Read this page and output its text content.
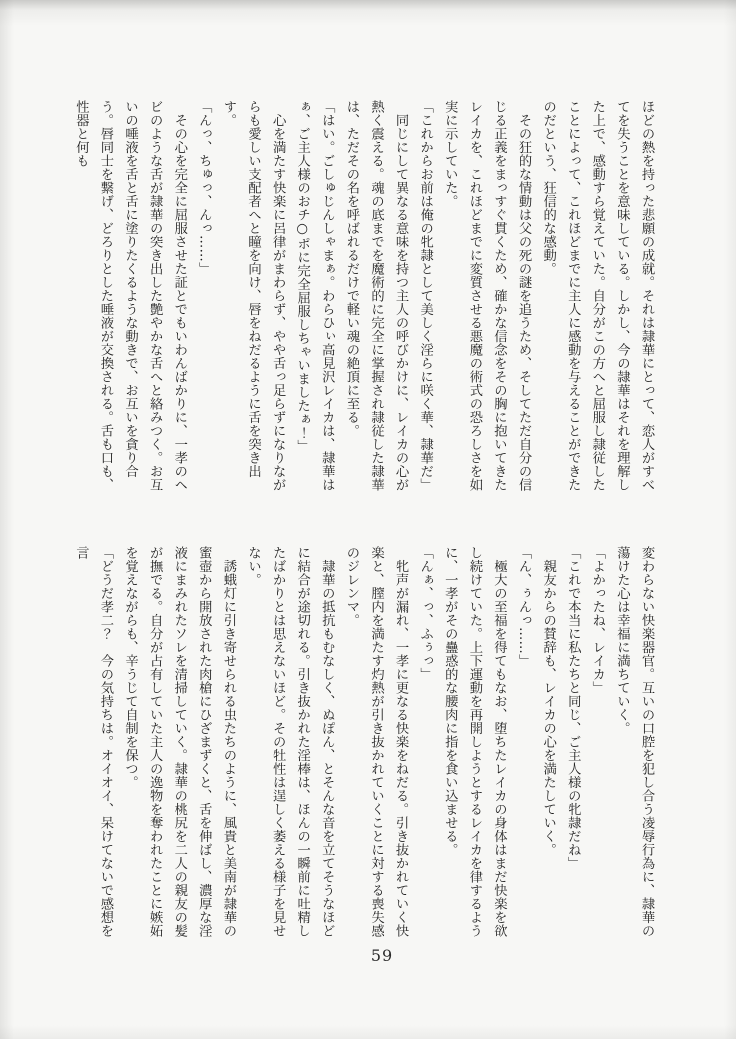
ほどの熱を持った悲願の成就。それは隷華にとって、恋人がすべてを失うことを意味している。しかし、今の隷華はそれを理解した上で、感動すら覚えていた。自分がこの方へと屈服し隷従したことによって、これほどまでに主人に感動を与えることができたのだという、狂信的な感動。

　その狂的な情動は父の死の謎を追うため、そしてただ自分の信じる正義をまっすぐ貫くため、確かな信念をその胸に抱いてきたレイカを、これほどまでに変質させる悪魔の術式の恐ろしさを如実に示していた。

「これからお前は俺の牝隷として美しく淫らに咲く華、隷華だ」

　同じにして異なる意味を持つ主人の呼びかけに、レイカの心が熱く震える。魂の底までを魔術的に完全に掌握され隷従した隷華は、ただその名を呼ばれるだけで軽い魂の絶頂に至る。

「はい。ごしゅじんしゃまぁ。わらひぃ高見沢レイカは、隷華はぁ、ご主人様のおチ○ポに完全屈服しちゃいましたぁ！」

　心を満たす快楽に呂律がまわらず、やや舌っ足らずになりながらも愛しい支配者へと瞳を向け、唇をねだるように舌を突き出す。

「んっ、ちゅっ、んっ……」

　その心を完全に屈服させた証とでもいわんばかりに、一孝のヘビのような舌が隷華の突き出した艶やかな舌へと絡みつく。お互いの唾液を舌と舌に塗りたくるような動きで、お互いを貪り合う。唇同士を繋げ、どろりとした唾液が交換される。舌も口も、性器と何も

変わらない快楽器官。互いの口腔を犯し合う凌辱行為に、隷華の蕩けた心は幸福に満ちていく。

「よかったね、レイカ」

「これで本当に私たちと同じ、ご主人様の牝隷だね」

　親友からの賛辞も、レイカの心を満たしていく。

「ん、ぅんっ……」

　極大の至福を得てもなお、堕ちたレイカの身体はまだ快楽を欲し続けていた。上下運動を再開しようとするレイカを律するように、一孝がその蠱惑的な腰肉に指を食い込ませる。

「んぁ、っ、ふぅっ」

　牝声が漏れ、一孝に更なる快楽をねだる。引き抜かれていく快楽と、膣内を満たす灼熱が引き抜かれていくことに対する喪失感のジレンマ。

　隷華の抵抗もむなしく、ぬぽん、とそんな音を立てそうなほどに結合が途切れる。引き抜かれた淫棒は、ほんの一瞬前に吐精したばかりとは思えないほど。その牡性は逞しく萎える様子を見せない。

　誘蛾灯に引き寄せられる虫たちのように、風貴と美南が隷華の蜜壺から開放された肉槍にひざまずくと、舌を伸ばし、濃厚な淫液にまみれたソレを清掃していく。隷華の桃尻を二人の親友の髪が撫でる。自分が占有していた主人の逸物を奪われたことに嫉妬を覚えながらも、辛うじて自制を保つ。

「どうだ孝二？　今の気持ちは。オイオイ、呆けてないで感想を言

59
